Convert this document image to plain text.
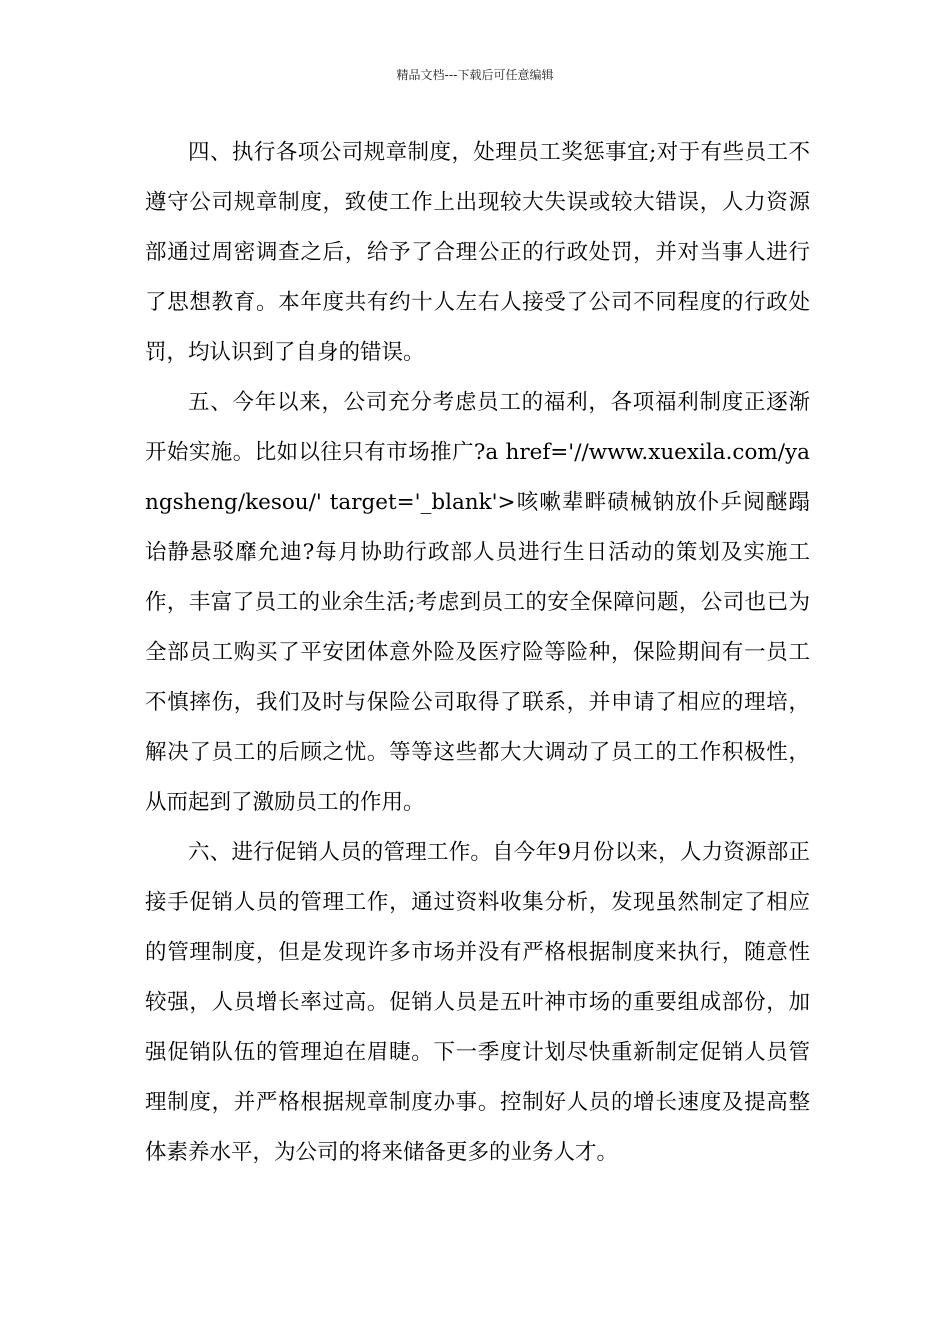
精品文档---下载后可任意编辑

四、执行各项公司规章制度，处理员工奖惩事宜;对于有些员工不遵守公司规章制度，致使工作上出现较大失误或较大错误，人力资源部通过周密调查之后，给予了合理公正的行政处罚，并对当事人进行了思想教育。本年度共有约十人左右人接受了公司不同程度的行政处罚，均认识到了自身的错误。

五、今年以来，公司充分考虑员工的福利，各项福利制度正逐渐开始实施。比如以往只有市场推广?a href='//www.xuexila.com/yangsheng/kesou/' target='_blank'>咳嗽辈畔碛械钠放仆乒阋醚蹋 诒静悬驳靡允迪?每月协助行政部人员进行生日活动的策划及实施工作，丰富了员工的业余生活;考虑到员工的安全保障问题，公司也已为全部员工购买了平安团体意外险及医疗险等险种，保险期间有一员工不慎摔伤，我们及时与保险公司取得了联系，并申请了相应的理培，解决了员工的后顾之忧。等等这些都大大调动了员工的工作积极性，从而起到了激励员工的作用。

六、进行促销人员的管理工作。自今年9月份以来，人力资源部正接手促销人员的管理工作，通过资料收集分析，发现虽然制定了相应的管理制度，但是发现许多市场并没有严格根据制度来执行，随意性较强，人员增长率过高。促销人员是五叶神市场的重要组成部份，加强促销队伍的管理迫在眉睫。下一季度计划尽快重新制定促销人员管理制度，并严格根据规章制度办事。控制好人员的增长速度及提高整体素养水平，为公司的将来储备更多的业务人才。
